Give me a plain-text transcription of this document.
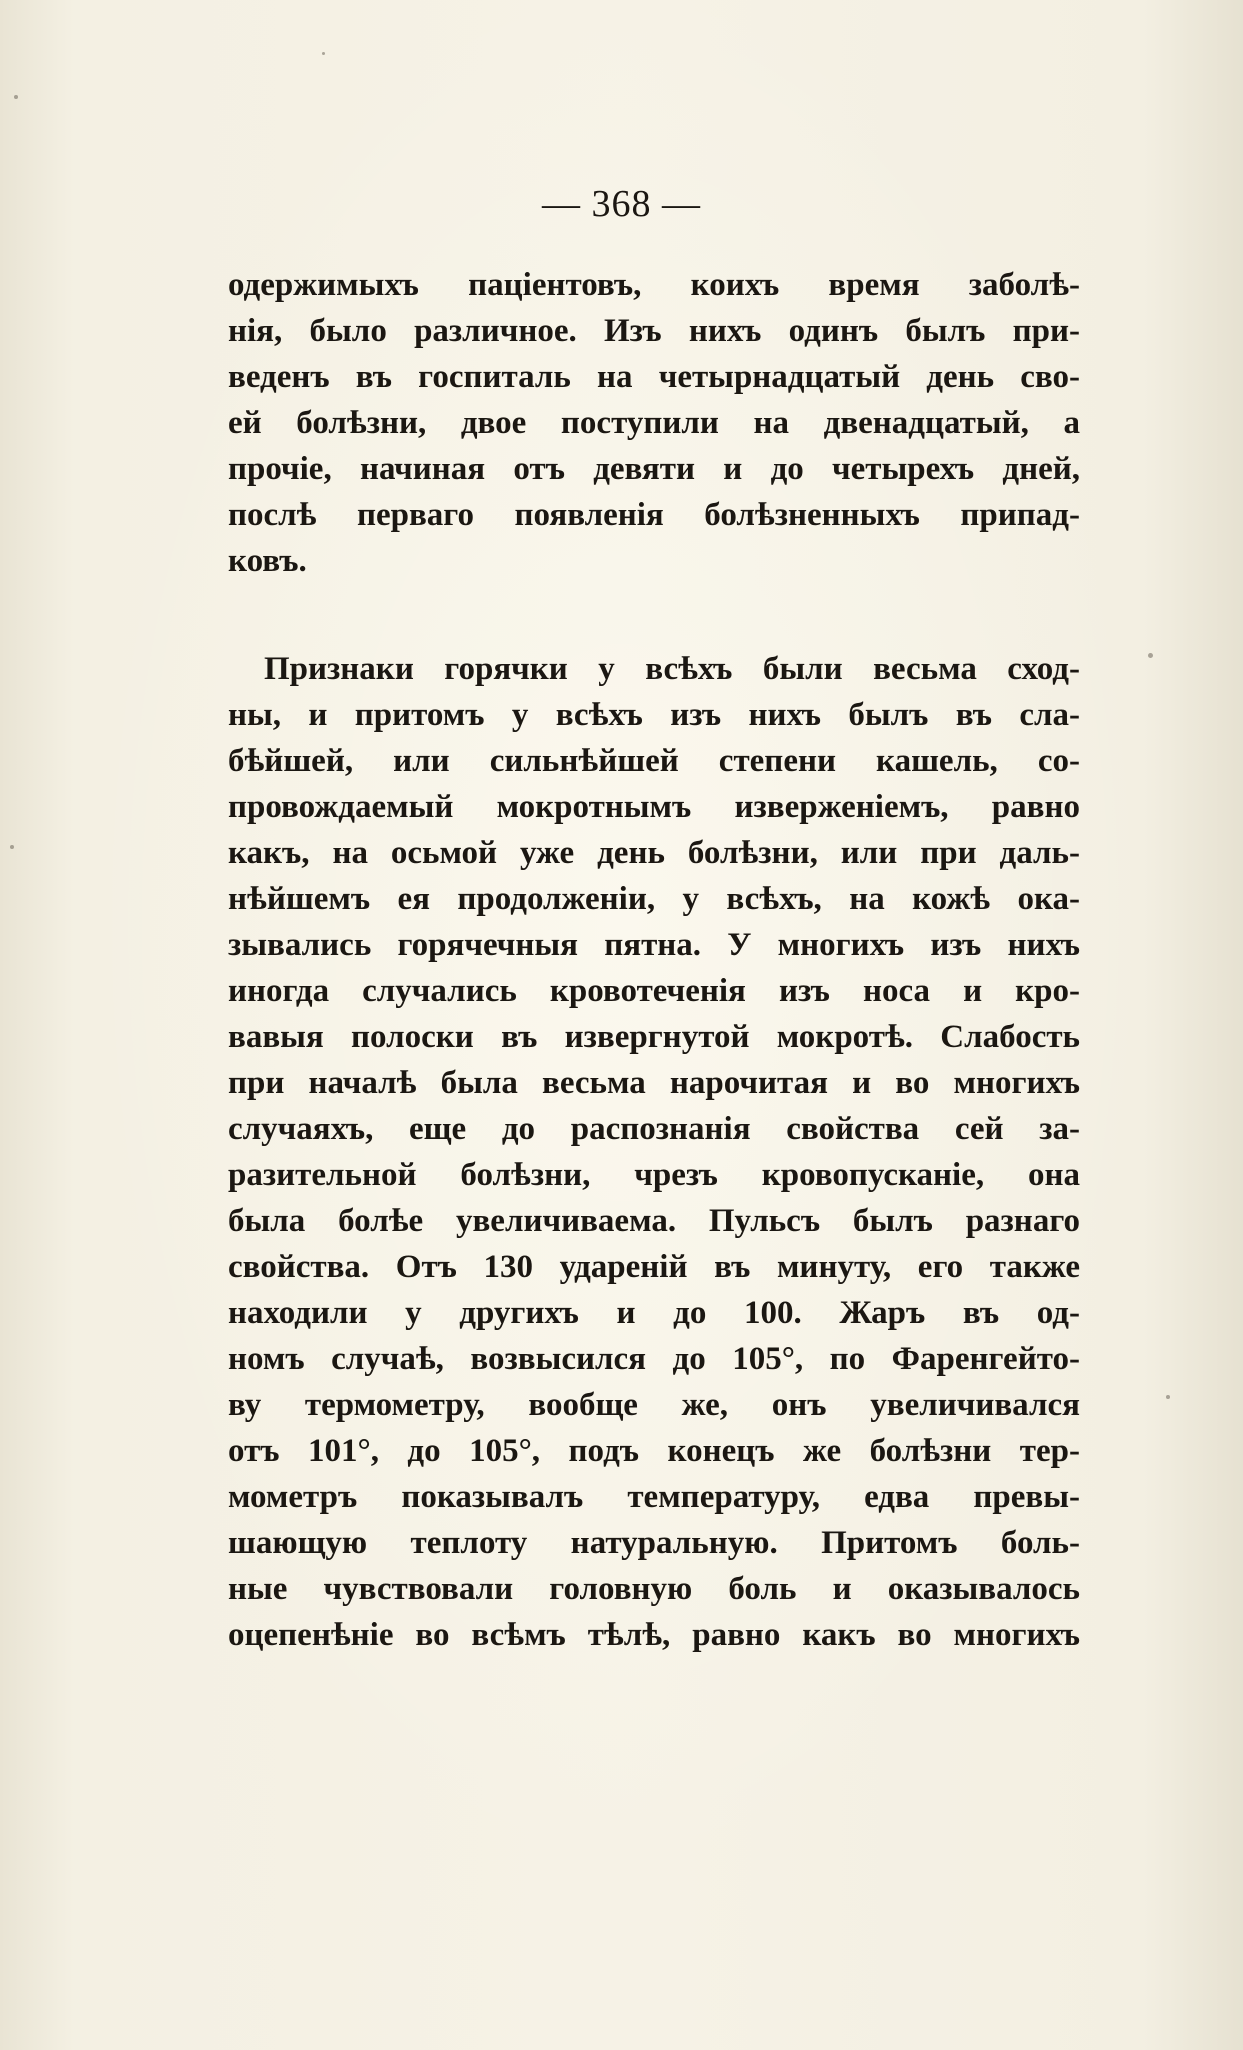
— 368 —
одержимыхъ пацiентовъ, коихъ время заболѣ-
нiя, было различное. Изъ нихъ одинъ былъ при-
веденъ въ госпиталь на четырнадцатый день сво-
ей болѣзни, двое поступили на двенадцатый, а
прочiе, начиная отъ девяти и до четырехъ дней,
послѣ перваго появленiя болѣзненныхъ припад-
ковъ.
Признаки горячки у всѣхъ были весьма сход-
ны, и притомъ у всѣхъ изъ нихъ былъ въ сла-
бѣйшей, или сильнѣйшей степени кашель, со-
провождаемый мокротнымъ изверженiемъ, равно
какъ, на осьмой уже день болѣзни, или при даль-
нѣйшемъ ея продолженiи, у всѣхъ, на кожѣ ока-
зывались горячечныя пятна. У многихъ изъ нихъ
иногда случались кровотеченiя изъ носа и кро-
вавыя полоски въ извергнутой мокротѣ. Слабость
при началѣ была весьма нарочитая и во многихъ
случаяхъ, еще до распознанiя свойства сей за-
разительной болѣзни, чрезъ кровопусканiе, она
была болѣе увеличиваема. Пульсъ былъ разнаго
свойства. Отъ 130 ударенiй въ минуту, его также
находили у другихъ и до 100. Жаръ въ од-
номъ случаѣ, возвысился до 105°, по Фаренгейто-
ву термометру, вообще же, онъ увеличивался
отъ 101°, до 105°, подъ конецъ же болѣзни тер-
мометръ показывалъ температуру, едва превы-
шающую теплоту натуральную. Притомъ боль-
ные чувствовали головную боль и оказывалось
оцепенѣнiе во всѣмъ тѣлѣ, равно какъ во многихъ
